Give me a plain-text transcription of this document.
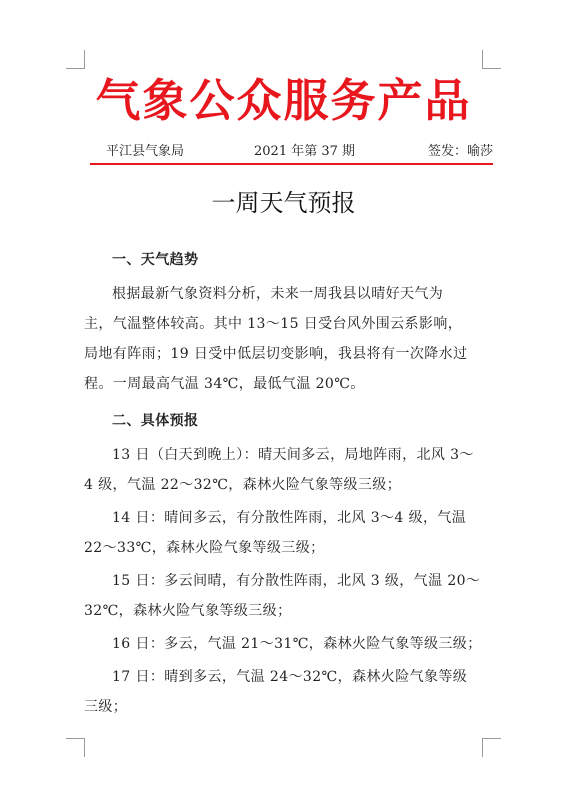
气象公众服务产品
平江县气象局	2021 年第 37 期	签发：喻莎
一周天气预报
一、天气趋势
根据最新气象资料分析，未来一周我县以晴好天气为
主，气温整体较高。其中 13～15 日受台风外围云系影响，
局地有阵雨；19 日受中低层切变影响，我县将有一次降水过
程。一周最高气温 34℃，最低气温 20℃。
二、具体预报
13 日（白天到晚上）：晴天间多云，局地阵雨，北风 3～
4 级，气温 22～32℃，森林火险气象等级三级；
14 日：晴间多云，有分散性阵雨，北风 3～4 级，气温
22～33℃，森林火险气象等级三级；
15 日：多云间晴，有分散性阵雨，北风 3 级，气温 20～
32℃，森林火险气象等级三级；
16 日：多云，气温 21～31℃，森林火险气象等级三级；
17 日：晴到多云，气温 24～32℃，森林火险气象等级
三级；
